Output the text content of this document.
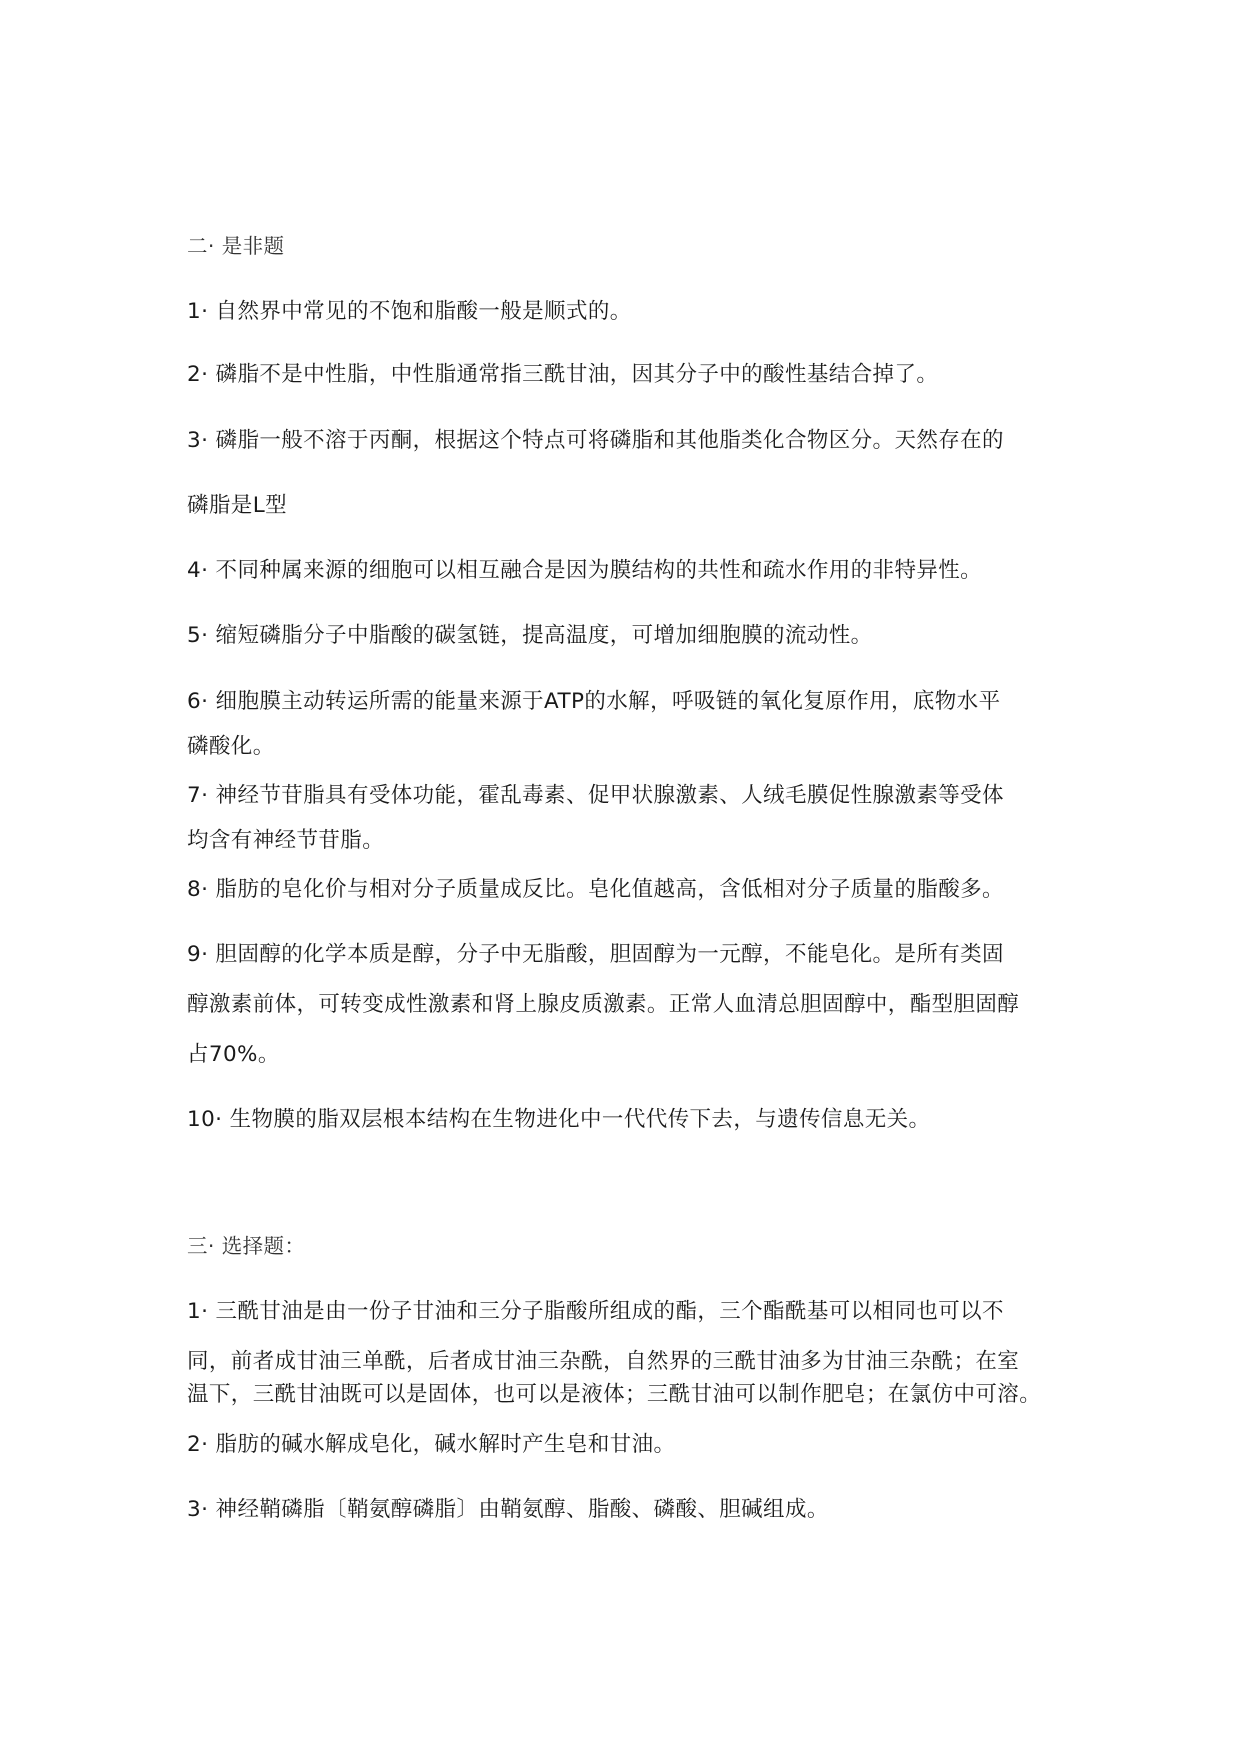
二· 是非题
1· 自然界中常见的不饱和脂酸一般是顺式的。
2· 磷脂不是中性脂，中性脂通常指三酰甘油，因其分子中的酸性基结合掉了。
3· 磷脂一般不溶于丙酮，根据这个特点可将磷脂和其他脂类化合物区分。天然存在的
磷脂是L型
4· 不同种属来源的细胞可以相互融合是因为膜结构的共性和疏水作用的非特异性。
5· 缩短磷脂分子中脂酸的碳氢链，提高温度，可增加细胞膜的流动性。
6· 细胞膜主动转运所需的能量来源于ATP的水解，呼吸链的氧化复原作用，底物水平
磷酸化。
7· 神经节苷脂具有受体功能，霍乱毒素、促甲状腺激素、人绒毛膜促性腺激素等受体
均含有神经节苷脂。
8· 脂肪的皂化价与相对分子质量成反比。皂化值越高，含低相对分子质量的脂酸多。
9· 胆固醇的化学本质是醇，分子中无脂酸，胆固醇为一元醇，不能皂化。是所有类固
醇激素前体，可转变成性激素和肾上腺皮质激素。正常人血清总胆固醇中，酯型胆固醇
占70%。
10· 生物膜的脂双层根本结构在生物进化中一代代传下去，与遗传信息无关。
三· 选择题：
1· 三酰甘油是由一份子甘油和三分子脂酸所组成的酯，三个酯酰基可以相同也可以不
同，前者成甘油三单酰，后者成甘油三杂酰，自然界的三酰甘油多为甘油三杂酰；在室
温下，三酰甘油既可以是固体，也可以是液体；三酰甘油可以制作肥皂；在氯仿中可溶。
2· 脂肪的碱水解成皂化，碱水解时产生皂和甘油。
3· 神经鞘磷脂〔鞘氨醇磷脂〕由鞘氨醇、脂酸、磷酸、胆碱组成。
